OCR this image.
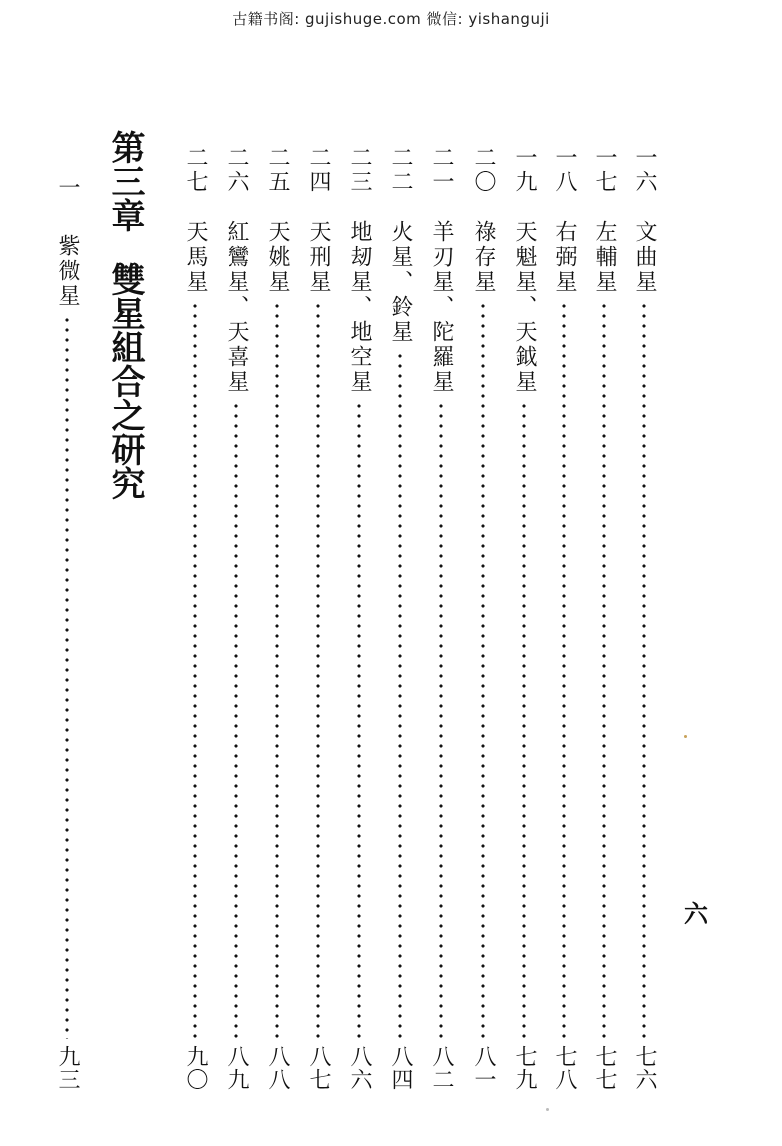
古籍书阁: gujishuge.com 微信: yishanguji
一六
文曲星
七六
一七
左輔星
七七
一八
右弼星
七八
一九
天魁星、天鉞星
七九
二〇
祿存星
八一
二一
羊刃星、陀羅星
八二
二二
火星、鈴星
八四
二三
地刼星、地空星
八六
二四
天刑星
八七
二五
天姚星
八八
二六
紅鸞星、天喜星
八九
二七
天馬星
九〇
第三章雙星組合之研究
一
紫微星
九三
六
